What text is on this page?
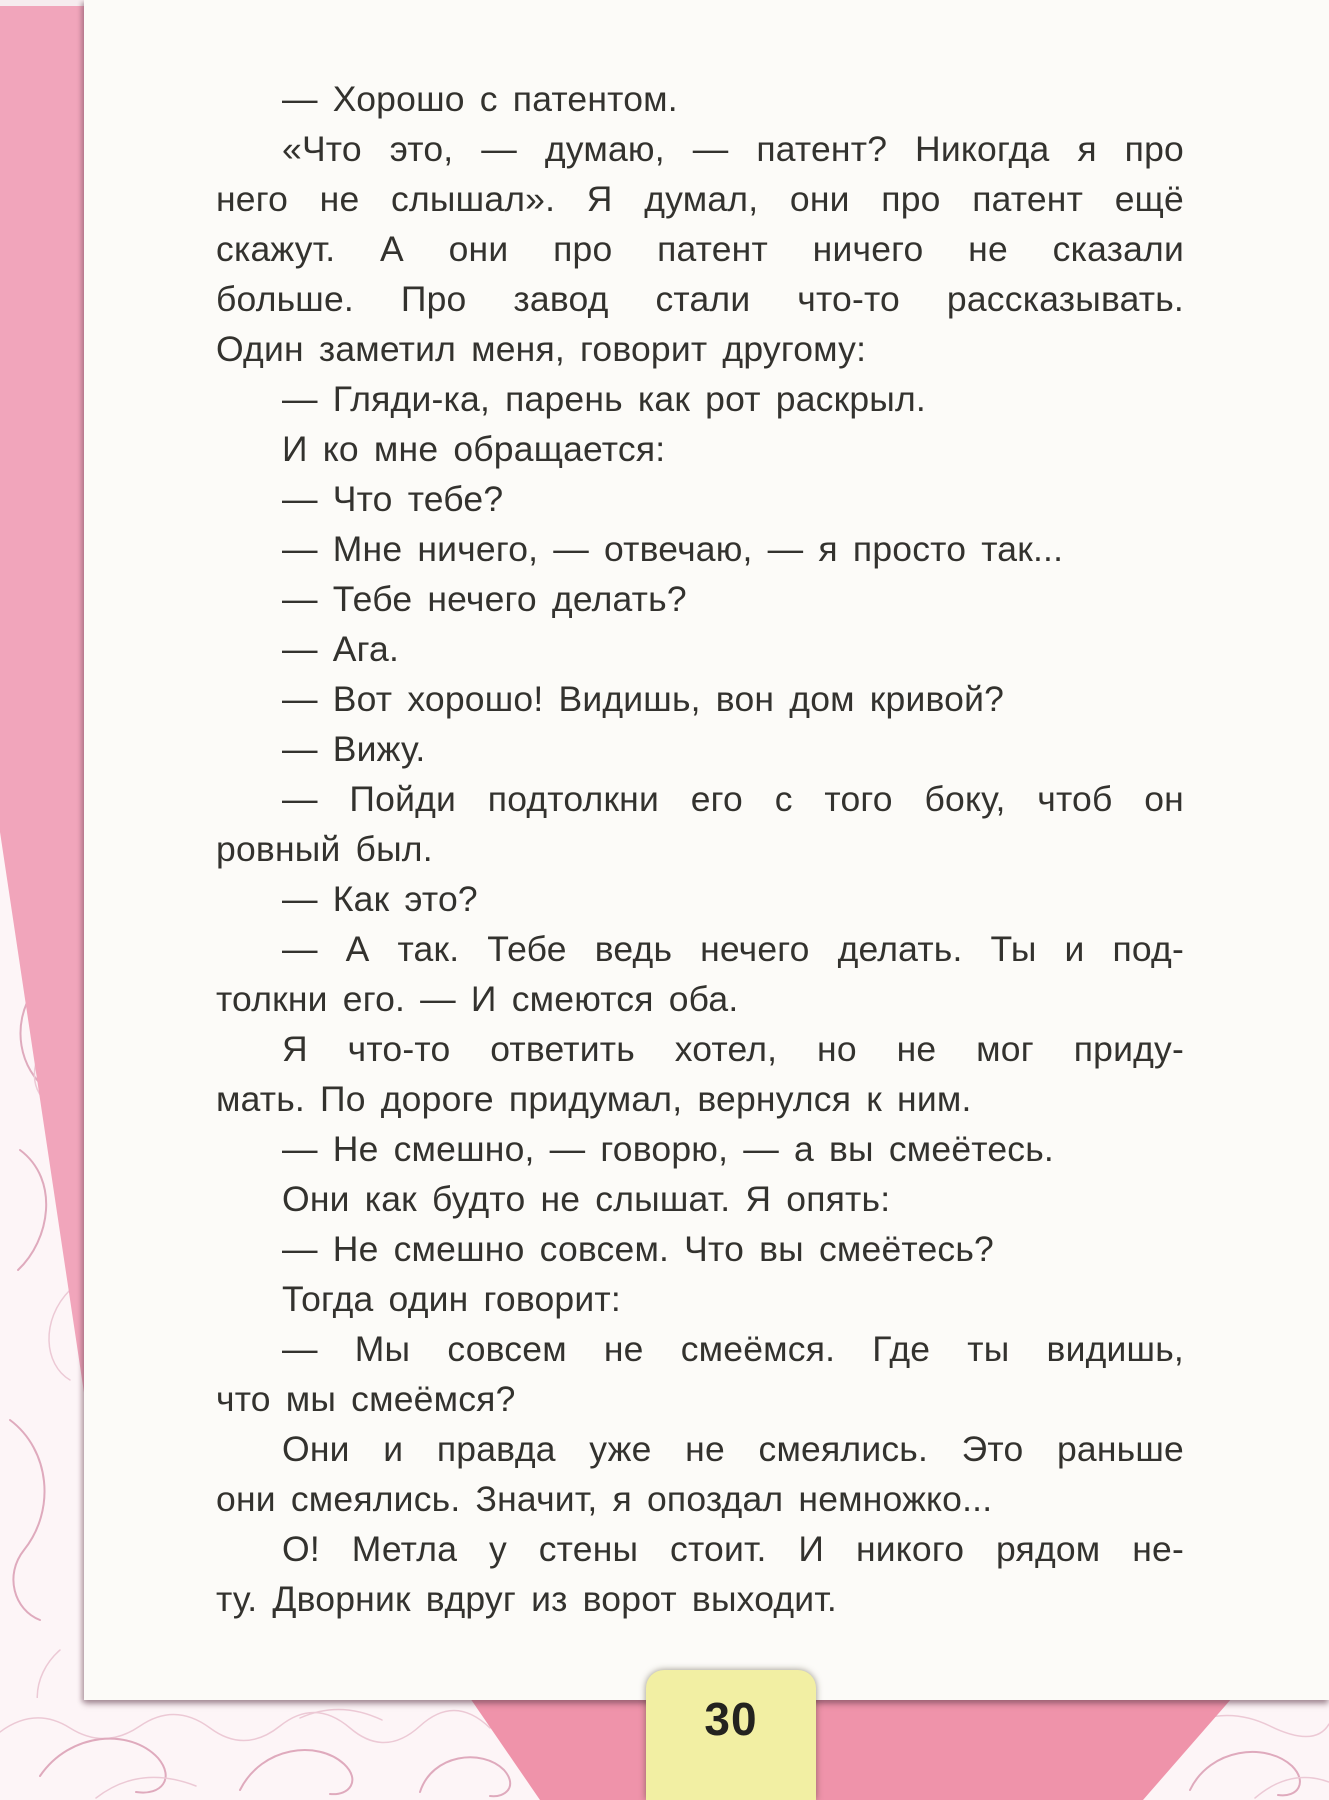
— Хорошо с патентом.
«Что это, — думаю, — патент? Никогда я про
него не слышал». Я думал, они про патент ещё
скажут. А они про патент ничего не сказали
больше. Про завод стали что-то рассказывать.
Один заметил меня, говорит другому:
— Гляди-ка, парень как рот раскрыл.
И ко мне обращается:
— Что тебе?
— Мне ничего, — отвечаю, — я просто так...
— Тебе нечего делать?
— Ага.
— Вот хорошо! Видишь, вон дом кривой?
— Вижу.
— Пойди подтолкни его с того боку, чтоб он
ровный был.
— Как это?
— А так. Тебе ведь нечего делать. Ты и под-
толкни его. — И смеются оба.
Я что-то ответить хотел, но не мог приду-
мать. По дороге придумал, вернулся к ним.
— Не смешно, — говорю, — а вы смеётесь.
Они как будто не слышат. Я опять:
— Не смешно совсем. Что вы смеётесь?
Тогда один говорит:
— Мы совсем не смеёмся. Где ты видишь,
что мы смеёмся?
Они и правда уже не смеялись. Это раньше
они смеялись. Значит, я опоздал немножко...
О! Метла у стены стоит. И никого рядом не-
ту. Дворник вдруг из ворот выходит.
30
